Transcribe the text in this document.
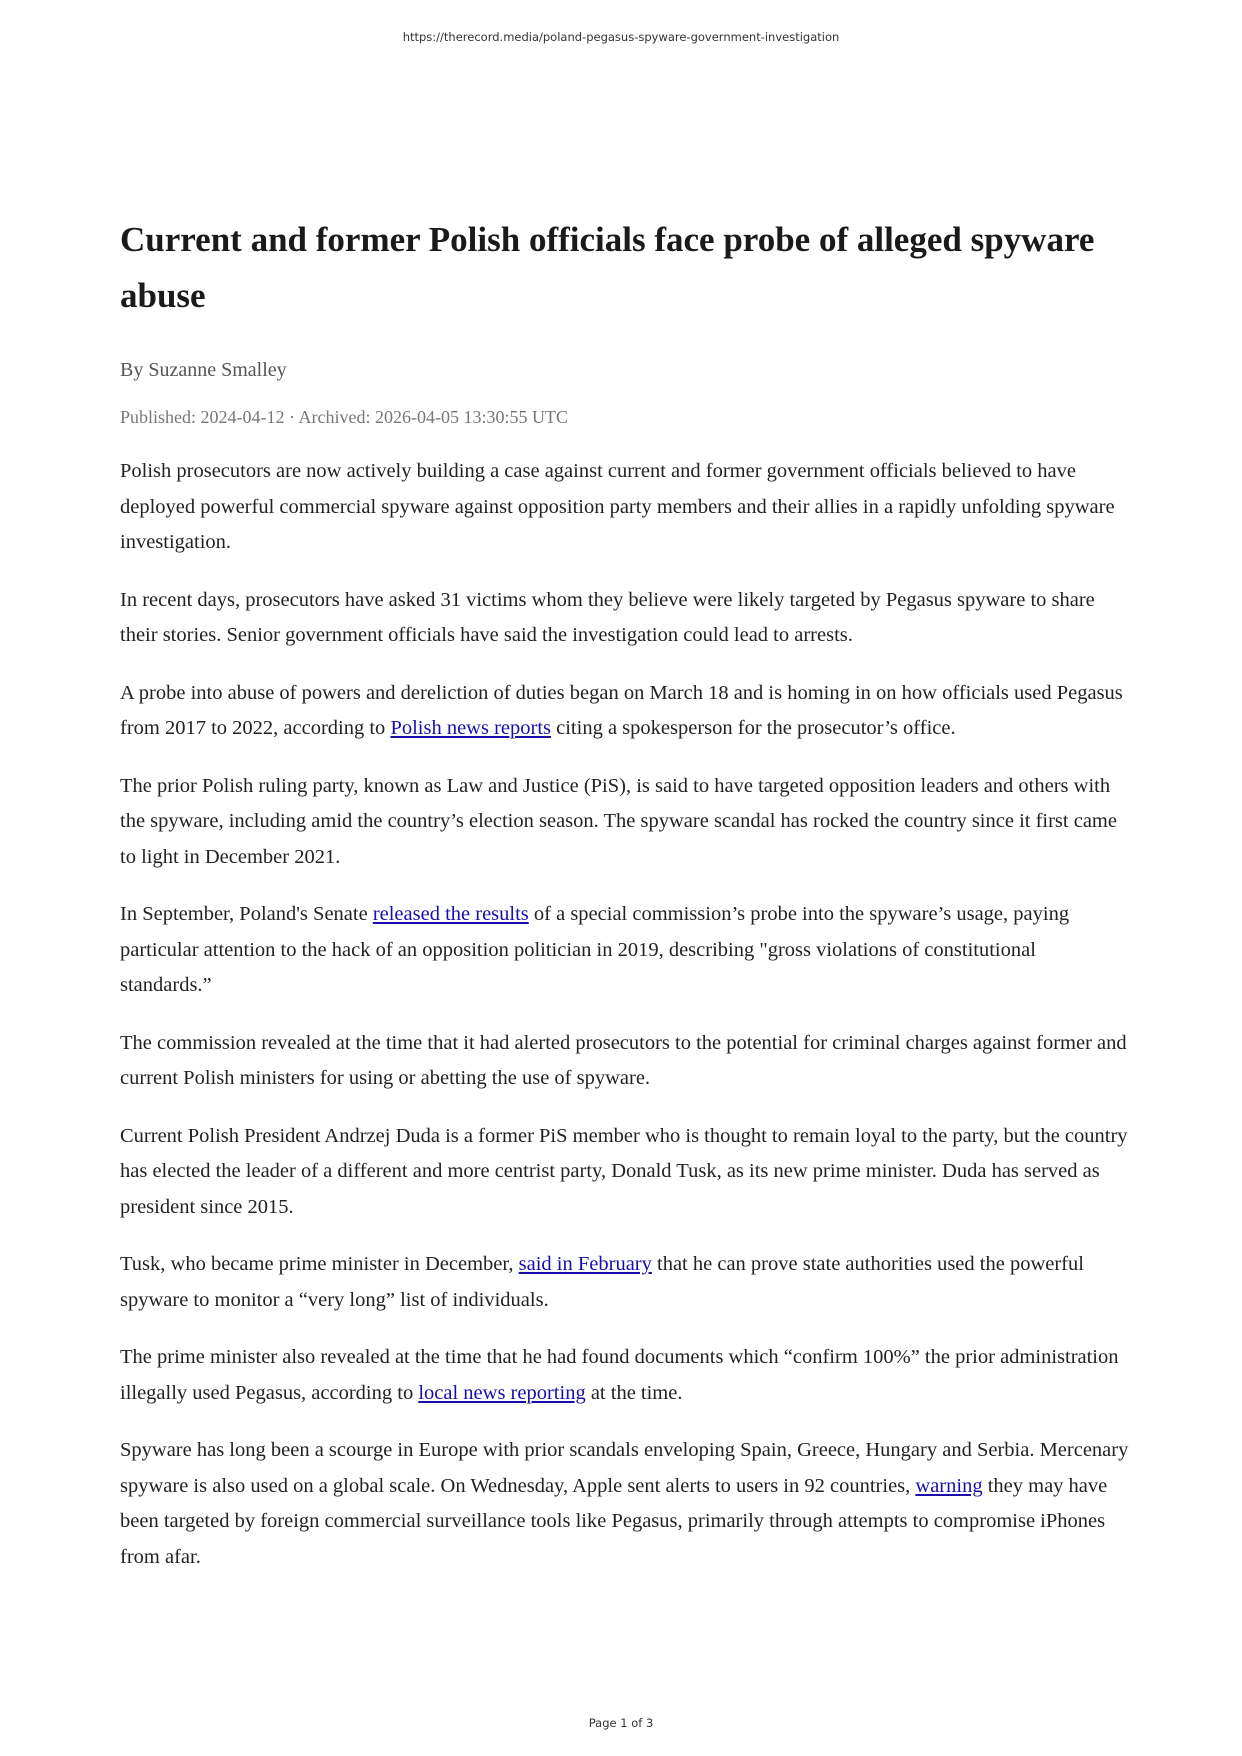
https://therecord.media/poland-pegasus-spyware-government-investigation
Current and former Polish officials face probe of alleged spyware abuse
By Suzanne Smalley
Published: 2024-04-12 · Archived: 2026-04-05 13:30:55 UTC

Polish prosecutors are now actively building a case against current and former government officials believed to have deployed powerful commercial spyware against opposition party members and their allies in a rapidly unfolding spyware investigation.

In recent days, prosecutors have asked 31 victims whom they believe were likely targeted by Pegasus spyware to share their stories. Senior government officials have said the investigation could lead to arrests.

A probe into abuse of powers and dereliction of duties began on March 18 and is homing in on how officials used Pegasus from 2017 to 2022, according to Polish news reports citing a spokesperson for the prosecutor’s office.

The prior Polish ruling party, known as Law and Justice (PiS), is said to have targeted opposition leaders and others with the spyware, including amid the country’s election season. The spyware scandal has rocked the country since it first came to light in December 2021.

In September, Poland's Senate released the results of a special commission’s probe into the spyware’s usage, paying particular attention to the hack of an opposition politician in 2019, describing "gross violations of constitutional standards.”

The commission revealed at the time that it had alerted prosecutors to the potential for criminal charges against former and current Polish ministers for using or abetting the use of spyware.

Current Polish President Andrzej Duda is a former PiS member who is thought to remain loyal to the party, but the country has elected the leader of a different and more centrist party, Donald Tusk, as its new prime minister. Duda has served as president since 2015.

Tusk, who became prime minister in December, said in February that he can prove state authorities used the powerful spyware to monitor a “very long” list of individuals.

The prime minister also revealed at the time that he had found documents which “confirm 100%” the prior administration illegally used Pegasus, according to local news reporting at the time.

Spyware has long been a scourge in Europe with prior scandals enveloping Spain, Greece, Hungary and Serbia. Mercenary spyware is also used on a global scale. On Wednesday, Apple sent alerts to users in 92 countries, warning they may have been targeted by foreign commercial surveillance tools like Pegasus, primarily through attempts to compromise iPhones from afar.

Page 1 of 3
